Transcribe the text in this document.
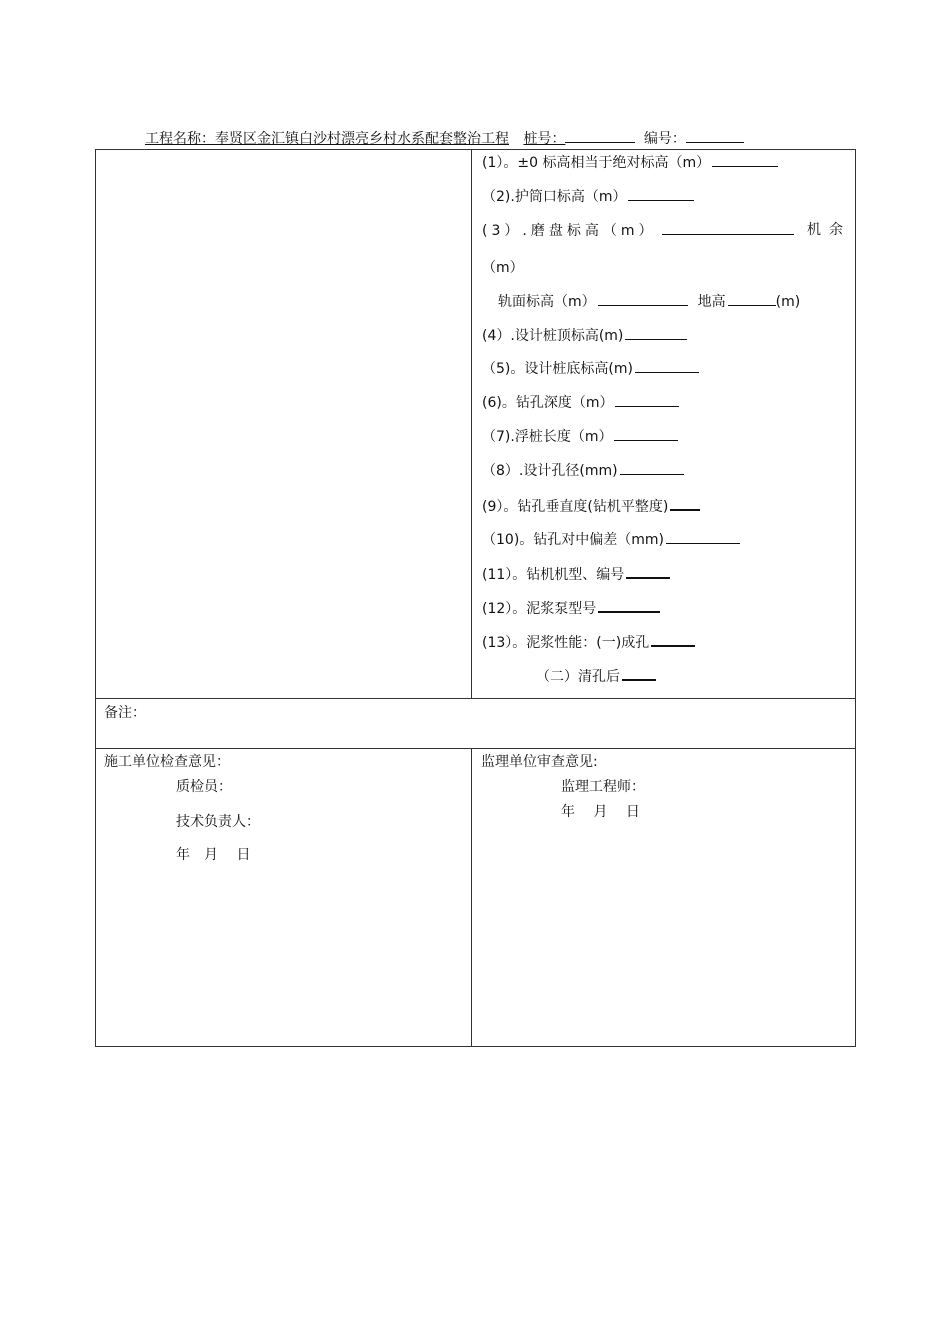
工程名称：奉贤区金汇镇白沙村漂亮乡村水系配套整治工程 桩号：	编号：
(1）。±0 标高相当于绝对标高（m）
（2).护筒口标高（m）
(3）.磨盘标高（m）	机余
（m）
轨面标高（m）	地高	(m)
(4）.设计桩顶标高(m)
（5)。设计桩底标高(m)
(6)。钻孔深度（m）
（7).浮桩长度（m）
（8）.设计孔径(mm)
(9）。钻孔垂直度(钻机平整度)
（10)。钻孔对中偏差（mm)
(11）。钻机机型、编号
(12）。泥浆泵型号
(13）。泥浆性能：(一)成孔
（二）清孔后
备注：
施工单位检查意见：
质检员：
技术负责人：
年　月　 日
监理单位审查意见:
监理工程师：
年　 月　 日
